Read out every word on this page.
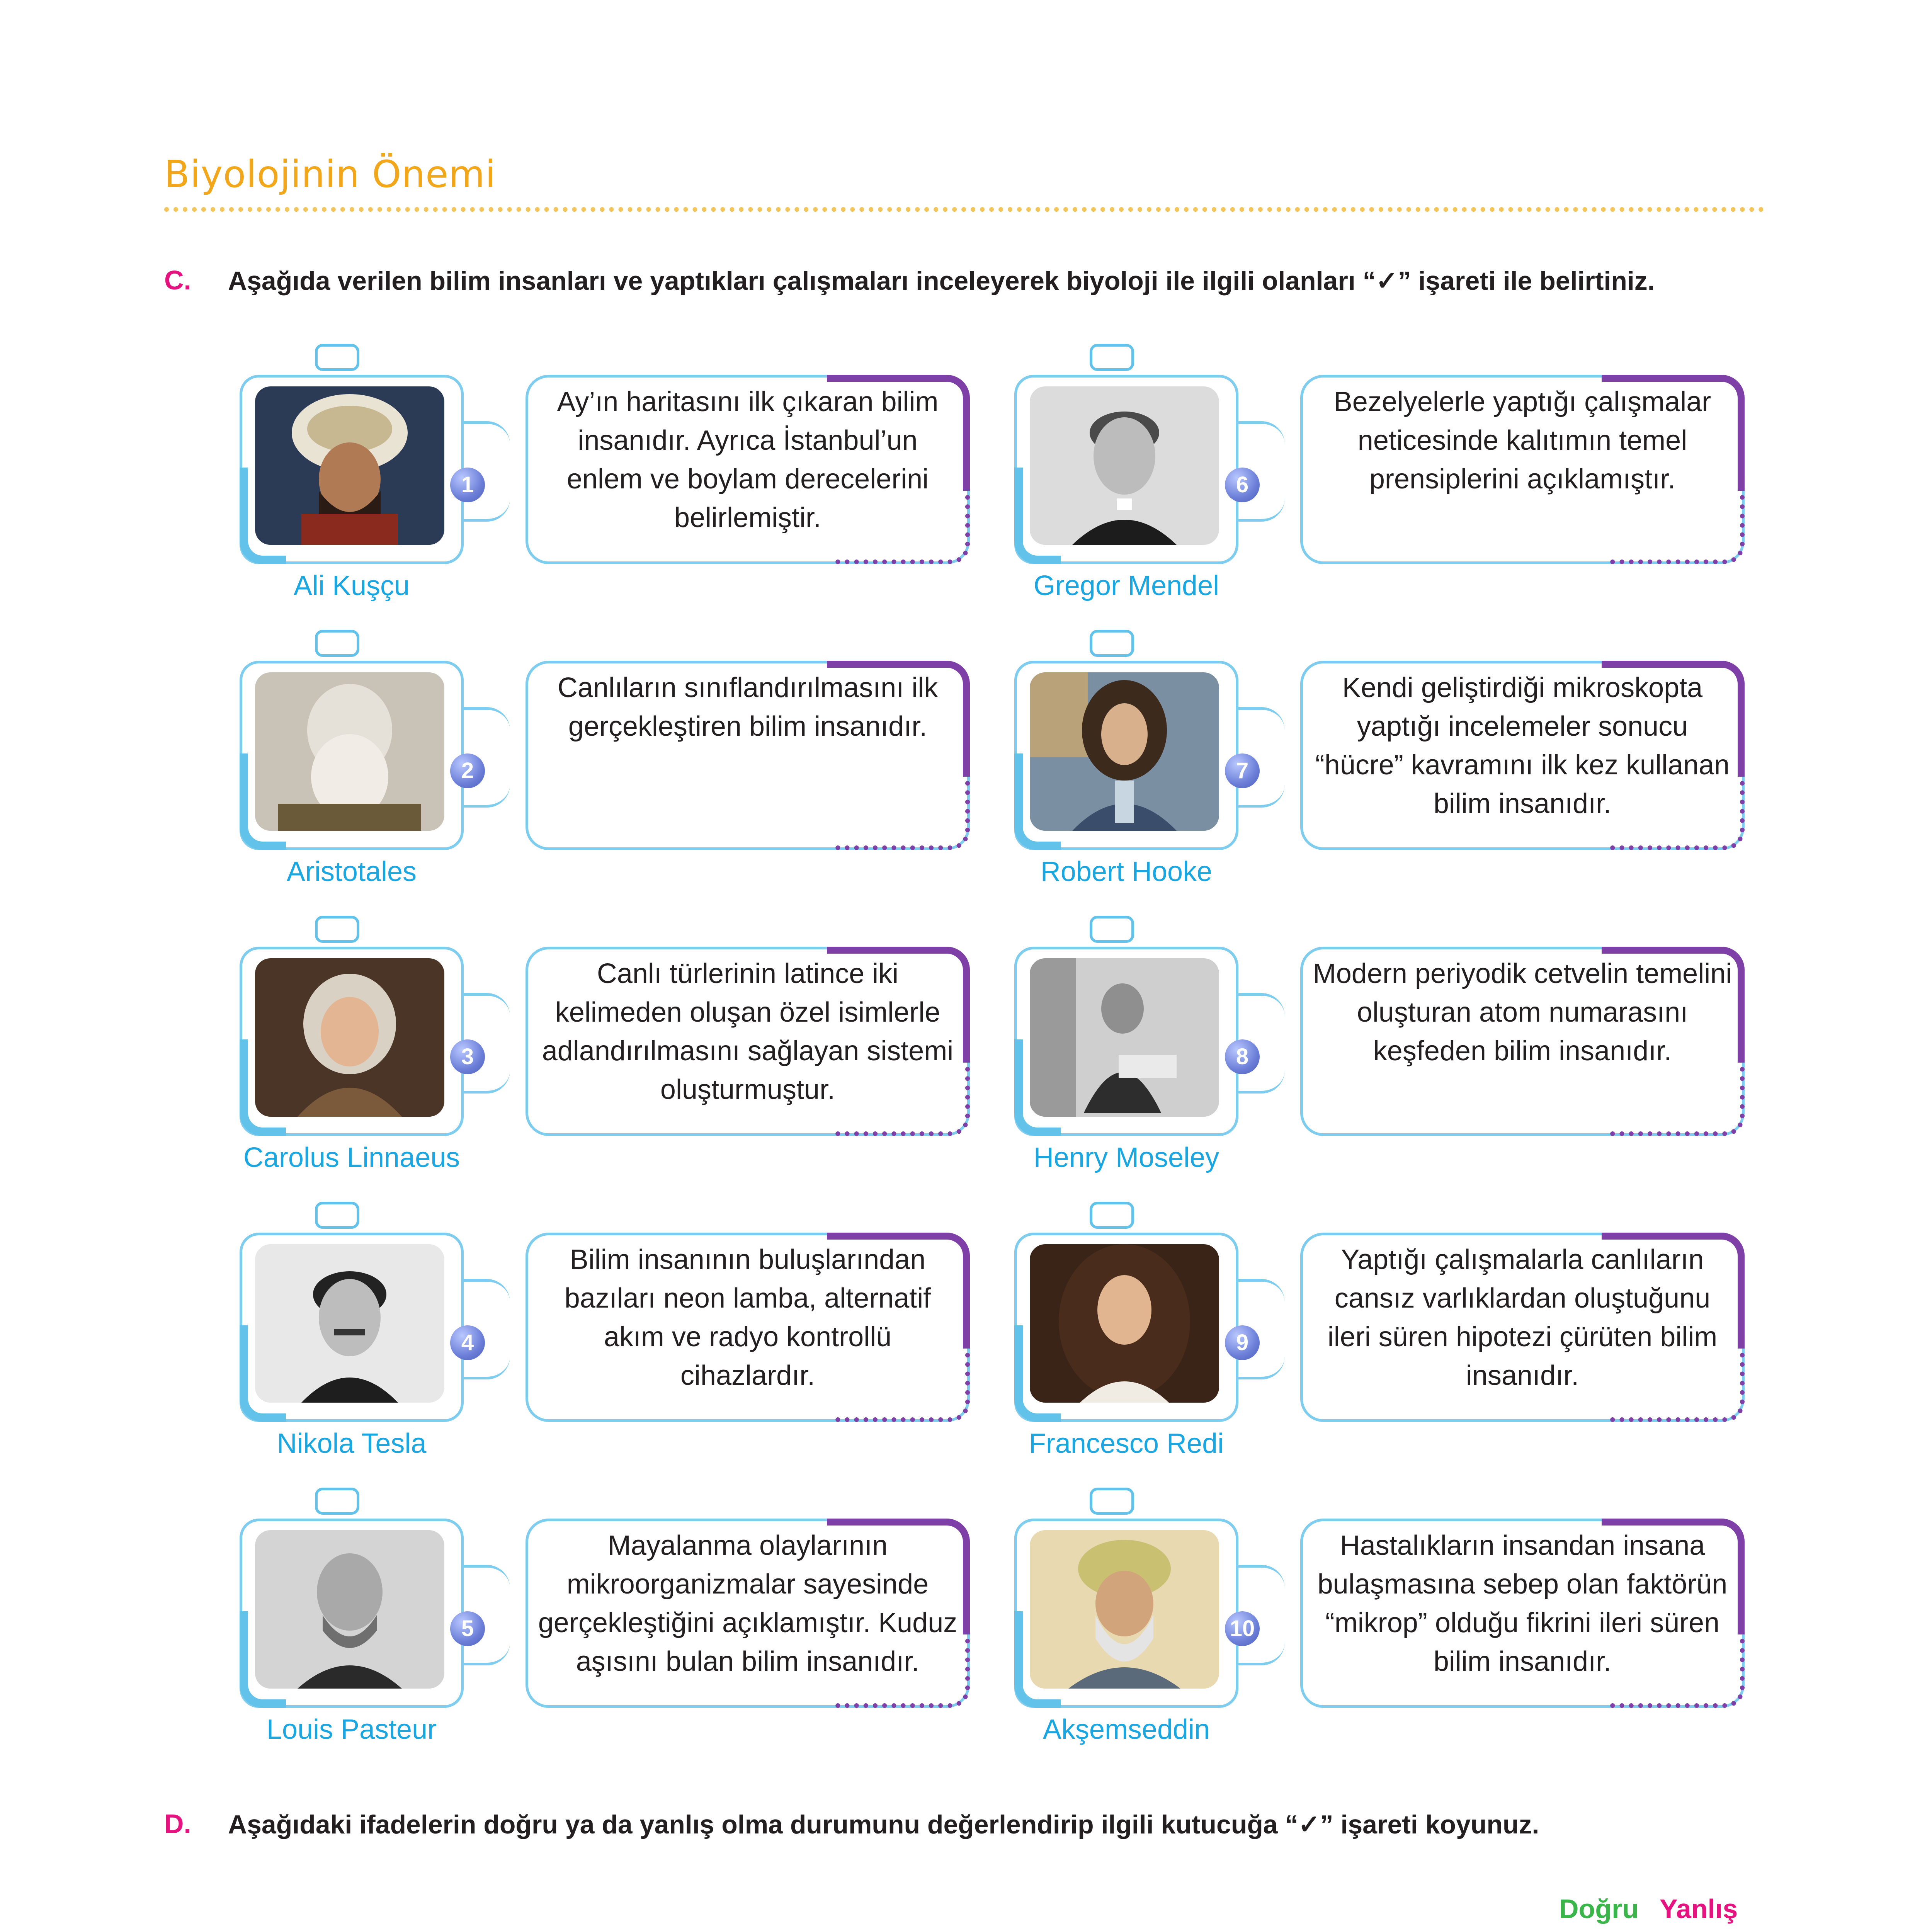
Biyolojinin Önemi
C. Aşağıda verilen bilim insanları ve yaptıkları çalışmaları inceleyerek biyoloji ile ilgili olanları “✓” işareti ile belirtiniz.
1
Ali Kuşçu
Ay’ın haritasını ilk çıkaran bilim insanıdır. Ayrıca İstanbul’un enlem ve boylam derecelerini belirlemiştir.
2
Aristotales
Canlıların sınıflandırılmasını ilk gerçekleştiren bilim insanıdır.
3
Carolus Linnaeus
Canlı türlerinin latince iki kelimeden oluşan özel isimlerle adlandırılmasını sağlayan sistemi oluşturmuştur.
4
Nikola Tesla
Bilim insanının buluşlarından bazıları neon lamba, alternatif akım ve radyo kontrollü cihazlardır.
5
Louis Pasteur
Mayalanma olaylarının mikroorganizmalar sayesinde gerçekleştiğini açıklamıştır. Kuduz aşısını bulan bilim insanıdır.
6
Gregor Mendel
Bezelyelerle yaptığı çalışmalar neticesinde kalıtımın temel prensiplerini açıklamıştır.
7
Robert Hooke
Kendi geliştirdiği mikroskopta yaptığı incelemeler sonucu “hücre” kavramını ilk kez kullanan bilim insanıdır.
8
Henry Moseley
Modern periyodik cetvelin temelini oluşturan atom numarasını keşfeden bilim insanıdır.
9
Francesco Redi
Yaptığı çalışmalarla canlıların cansız varlıklardan oluştuğunu ileri süren hipotezi çürüten bilim insanıdır.
10
Akşemseddin
Hastalıkların insandan insana bulaşmasına sebep olan faktörün “mikrop” olduğu fikrini ileri süren bilim insanıdır.
D. Aşağıdaki ifadelerin doğru ya da yanlış olma durumunu değerlendirip ilgili kutucuğa “✓” işareti koyunuz.
Doğru Yanlış
